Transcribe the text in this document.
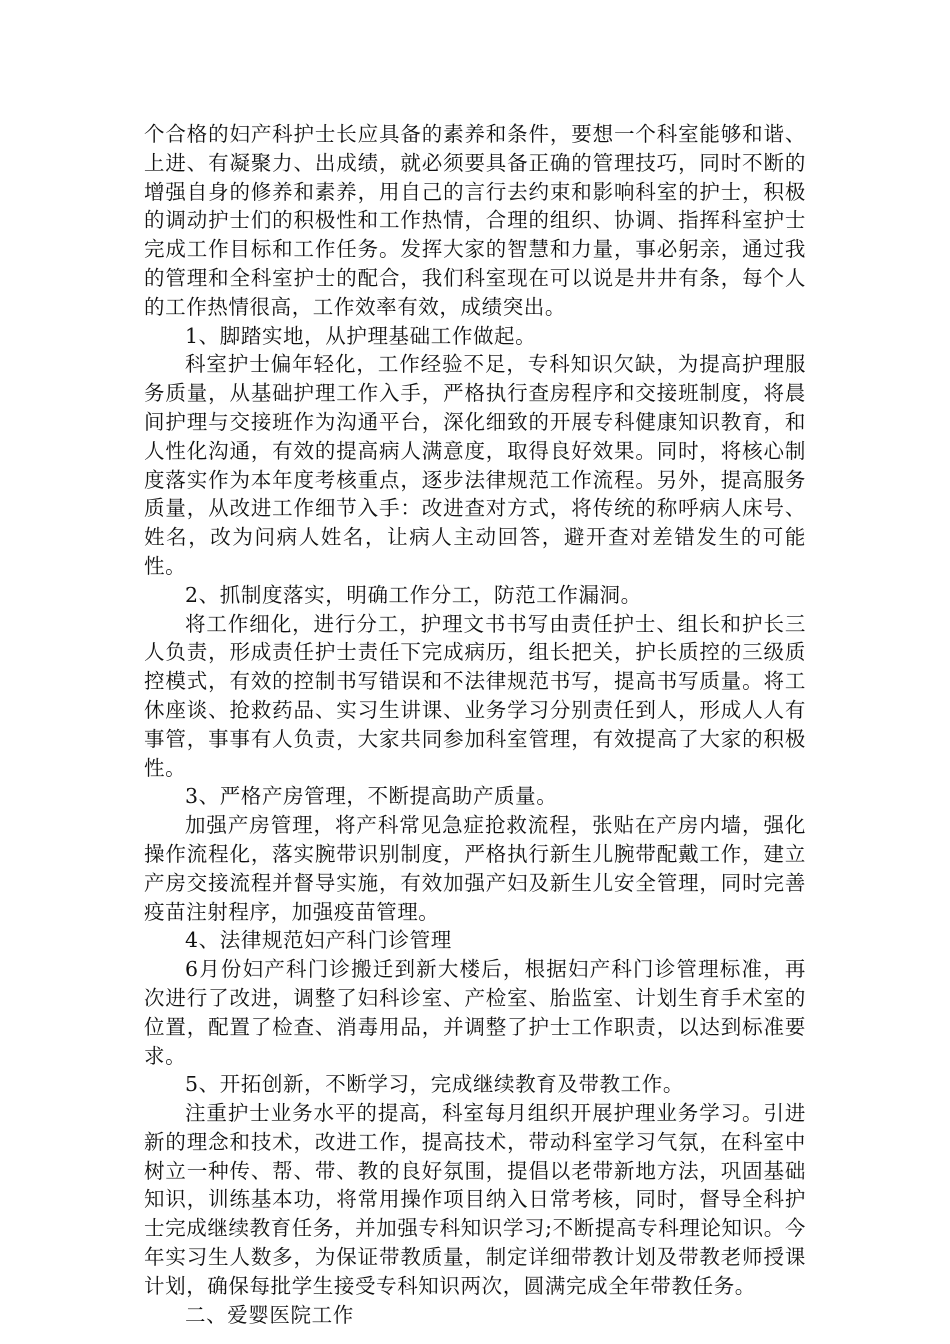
个合格的妇产科护士长应具备的素养和条件，要想一个科室能够和谐、上进、有凝聚力、出成绩，就必须要具备正确的管理技巧，同时不断的增强自身的修养和素养，用自己的言行去约束和影响科室的护士，积极的调动护士们的积极性和工作热情，合理的组织、协调、指挥科室护士完成工作目标和工作任务。发挥大家的智慧和力量，事必躬亲，通过我的管理和全科室护士的配合，我们科室现在可以说是井井有条，每个人的工作热情很高，工作效率有效，成绩突出。

1、脚踏实地，从护理基础工作做起。

科室护士偏年轻化，工作经验不足，专科知识欠缺，为提高护理服务质量，从基础护理工作入手，严格执行查房程序和交接班制度，将晨间护理与交接班作为沟通平台，深化细致的开展专科健康知识教育，和人性化沟通，有效的提高病人满意度，取得良好效果。同时，将核心制度落实作为本年度考核重点，逐步法律规范工作流程。另外，提高服务质量，从改进工作细节入手：改进查对方式，将传统的称呼病人床号、姓名，改为问病人姓名，让病人主动回答，避开查对差错发生的可能性。

2、抓制度落实，明确工作分工，防范工作漏洞。

将工作细化，进行分工，护理文书书写由责任护士、组长和护长三人负责，形成责任护士责任下完成病历，组长把关，护长质控的三级质控模式，有效的控制书写错误和不法律规范书写，提高书写质量。将工休座谈、抢救药品、实习生讲课、业务学习分别责任到人，形成人人有事管，事事有人负责，大家共同参加科室管理，有效提高了大家的积极性。

3、严格产房管理，不断提高助产质量。

加强产房管理，将产科常见急症抢救流程，张贴在产房内墙，强化操作流程化，落实腕带识别制度，严格执行新生儿腕带配戴工作，建立产房交接流程并督导实施，有效加强产妇及新生儿安全管理，同时完善疫苗注射程序，加强疫苗管理。

4、法律规范妇产科门诊管理

6月份妇产科门诊搬迁到新大楼后，根据妇产科门诊管理标准，再次进行了改进，调整了妇科诊室、产检室、胎监室、计划生育手术室的位置，配置了检查、消毒用品，并调整了护士工作职责，以达到标准要求。

5、开拓创新，不断学习，完成继续教育及带教工作。

注重护士业务水平的提高，科室每月组织开展护理业务学习。引进新的理念和技术，改进工作，提高技术，带动科室学习气氛，在科室中树立一种传、帮、带、教的良好氛围，提倡以老带新地方法，巩固基础知识，训练基本功，将常用操作项目纳入日常考核，同时，督导全科护士完成继续教育任务，并加强专科知识学习;不断提高专科理论知识。今年实习生人数多，为保证带教质量，制定详细带教计划及带教老师授课计划，确保每批学生接受专科知识两次，圆满完成全年带教任务。

二、爱婴医院工作
